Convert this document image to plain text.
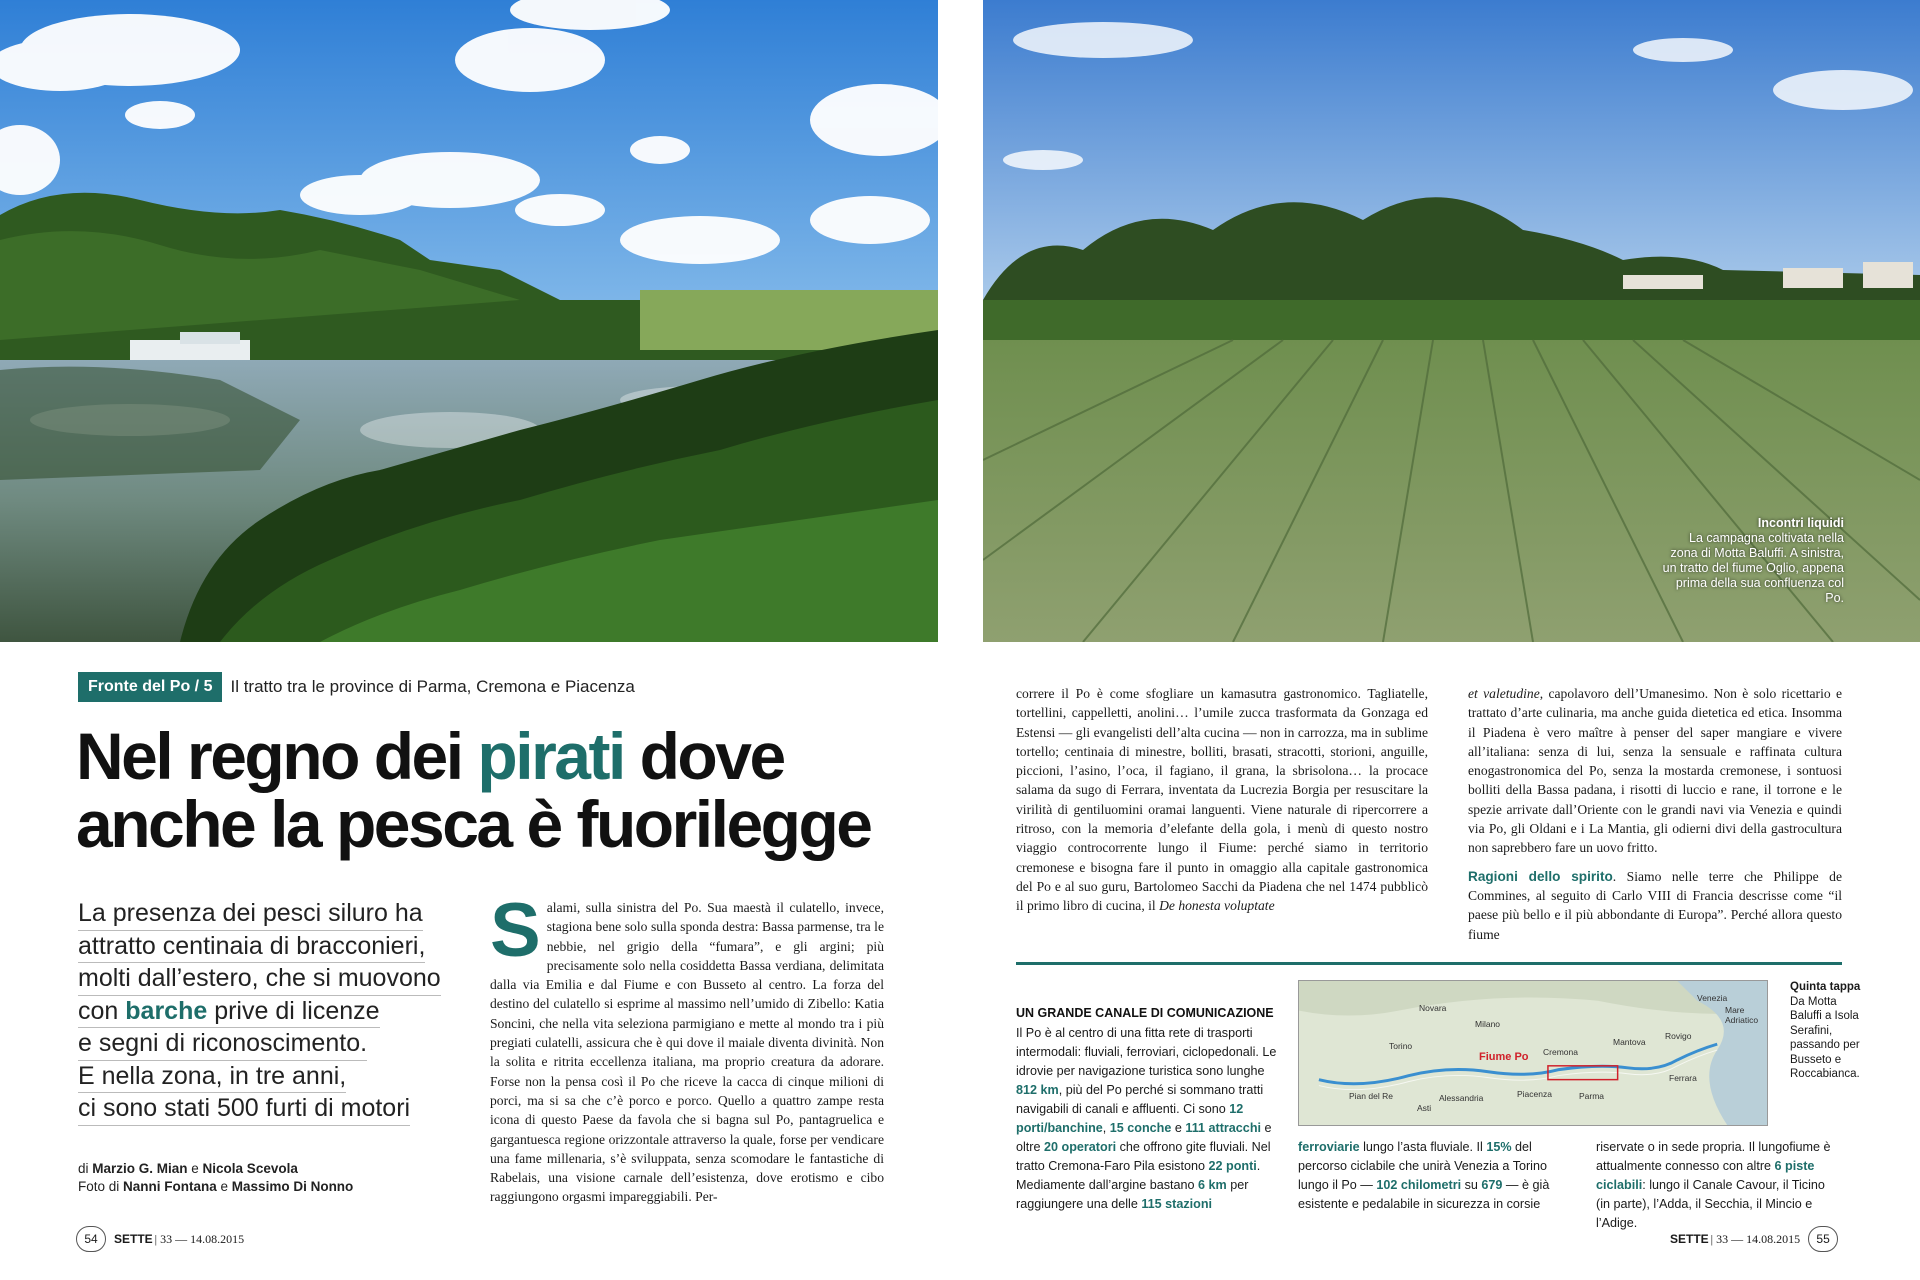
Incontri liquidi
La campagna coltivata nella zona di Motta Baluffi. A sinistra, un tratto del fiume Oglio, appena prima della sua confluenza col Po.
Fronte del Po / 5	Il tratto tra le province di Parma, Cremona e Piacenza
Nel regno dei pirati dove anche la pesca è fuorilegge
La presenza dei pesci siluro ha
attratto centinaia di bracconieri,
molti dall’estero, che si muovono
con barche prive di licenze
e segni di riconoscimento.
E nella zona, in tre anni,
ci sono stati 500 furti di motori
di Marzio G. Mian e Nicola Scevola
Foto di Nanni Fontana e Massimo Di Nonno
Salami, sulla sinistra del Po. Sua maestà il culatello, invece, stagiona bene solo sulla sponda destra: Bassa parmense, tra le nebbie, nel grigio della “fumara”, e gli argini; più precisamente solo nella cosiddetta Bassa verdiana, delimitata dalla via Emilia e dal Fiume e con Busseto al centro. La forza del destino del culatello si esprime al massimo nell’umido di Zibello: Katia Soncini, che nella vita seleziona parmigiano e mette al mondo tra i più pregiati culatelli, assicura che è qui dove il maiale diventa divinità. Non la solita e ritrita eccellenza italiana, ma proprio creatura da adorare. Forse non la pensa così il Po che riceve la cacca di cinque milioni di porci, ma si sa che c’è porco e porco. Quello a quattro zampe resta icona di questo Paese da favola che si bagna sul Po, pantagruelica e gargantuesca regione orizzontale attraverso la quale, forse per vendicare una fame millenaria, s’è sviluppata, senza scomodare le fantastiche di Rabelais, una visione carnale dell’esistenza, dove erotismo e cibo raggiungono orgasmi impareggiabili. Per-
correre il Po è come sfogliare un kamasutra gastronomico. Tagliatelle, tortellini, cappelletti, anolini… l’umile zucca trasformata da Gonzaga ed Estensi — gli evangelisti dell’alta cucina — non in carrozza, ma in sublime tortello; centinaia di minestre, bolliti, brasati, stracotti, storioni, anguille, piccioni, l’asino, l’oca, il fagiano, il grana, la sbrisolona… la procace salama da sugo di Ferrara, inventata da Lucrezia Borgia per resuscitare la virilità di gentiluomini oramai languenti. Viene naturale di ripercorrere a ritroso, con la memoria d’elefante della gola, i menù di questo nostro viaggio controcorrente lungo il Fiume: perché siamo in territorio cremonese e bisogna fare il punto in omaggio alla capitale gastronomica del Po e al suo guru, Bartolomeo Sacchi da Piadena che nel 1474 pubblicò il primo libro di cucina, il De honesta voluptate
et valetudine, capolavoro dell’Umanesimo. Non è solo ricettario e trattato d’arte culinaria, ma anche guida dietetica ed etica. Insomma il Piadena è vero maître à penser del saper mangiare e vivere all’italiana: senza di lui, senza la sensuale e raffinata cultura enogastronomica del Po, senza la mostarda cremonese, i sontuosi bolliti della Bassa padana, i risotti di luccio e rane, il torrone e le spezie arrivate dall’Oriente con le grandi navi via Venezia e quindi via Po, gli Oldani e i La Mantia, gli odierni divi della gastrocultura non saprebbero fare un uovo fritto.
Ragioni dello spirito. Siamo nelle terre che Philippe de Commines, al seguito di Carlo VIII di Francia descrisse come “il paese più bello e il più abbondante di Europa”. Perché allora questo fiume
UN GRANDE CANALE DI COMUNICAZIONE
Il Po è al centro di una fitta rete di trasporti intermodali: fluviali, ferroviari, ciclopedonali. Le idrovie per navigazione turistica sono lunghe 812 km, più del Po perché si sommano tratti navigabili di canali e affluenti. Ci sono 12 porti/banchine, 15 conche e 111 attracchi e oltre 20 operatori che offrono gite fluviali. Nel tratto Cremona-Faro Pila esistono 22 ponti. Mediamente dall’argine bastano 6 km per raggiungere una delle 115 stazioni
ferroviarie lungo l’asta fluviale. Il 15% del percorso ciclabile che unirà Venezia a Torino lungo il Po — 102 chilometri su 679 — è già esistente e pedalabile in sicurezza in corsie
riservate o in sede propria. Il lungofiume è attualmente connesso con altre 6 piste ciclabili: lungo il Canale Cavour, il Ticino (in parte), l’Adda, il Secchia, il Mincio e l’Adige.
Novara
Milano
Torino
Fiume Po Cremona
Mantova
Rovigo
Venezia
Mare Adriatico
Pian del Re
Asti
Alessandria	Piacenza	Parma
Ferrara
Quinta tappa
Da Motta Baluffi a Isola Serafini, passando per Busseto e Roccabianca.
54	SETTE | 33 — 14.08.2015	SETTE | 33 — 14.08.2015	55
